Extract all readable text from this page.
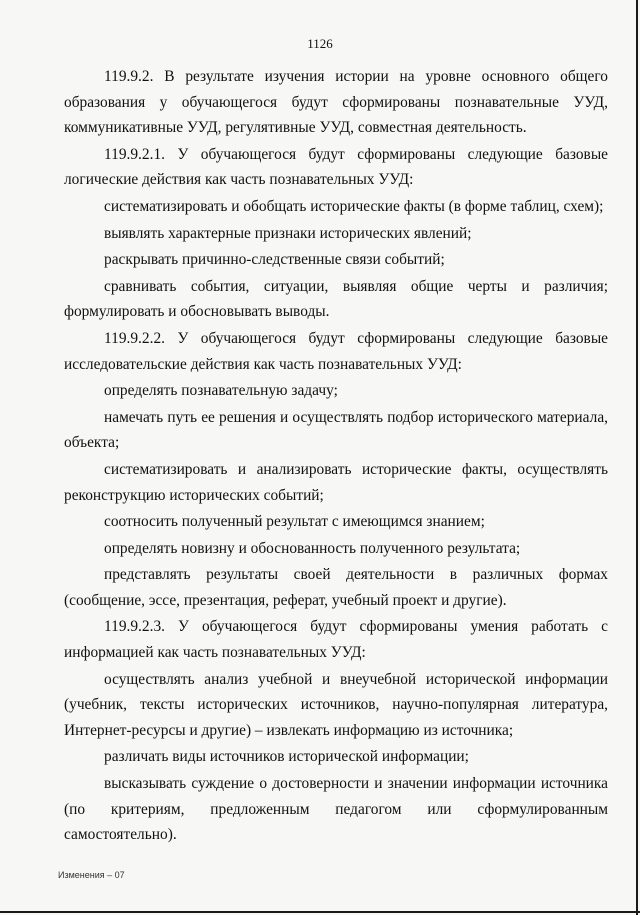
1126

119.9.2. В результате изучения истории на уровне основного общего образования у обучающегося будут сформированы познавательные УУД, коммуникативные УУД, регулятивные УУД, совместная деятельность.

119.9.2.1. У обучающегося будут сформированы следующие базовые логические действия как часть познавательных УУД:

систематизировать и обобщать исторические факты (в форме таблиц, схем);

выявлять характерные признаки исторических явлений;

раскрывать причинно-следственные связи событий;

сравнивать события, ситуации, выявляя общие черты и различия; формулировать и обосновывать выводы.

119.9.2.2. У обучающегося будут сформированы следующие базовые исследовательские действия как часть познавательных УУД:

определять познавательную задачу;

намечать путь ее решения и осуществлять подбор исторического материала, объекта;

систематизировать и анализировать исторические факты, осуществлять реконструкцию исторических событий;

соотносить полученный результат с имеющимся знанием;

определять новизну и обоснованность полученного результата;

представлять результаты своей деятельности в различных формах (сообщение, эссе, презентация, реферат, учебный проект и другие).

119.9.2.3. У обучающегося будут сформированы умения работать с информацией как часть познавательных УУД:

осуществлять анализ учебной и внеучебной исторической информации (учебник, тексты исторических источников, научно-популярная литература, Интернет-ресурсы и другие) – извлекать информацию из источника;

различать виды источников исторической информации;

высказывать суждение о достоверности и значении информации источника (по критериям, предложенным педагогом или сформулированным самостоятельно).

Изменения – 07
